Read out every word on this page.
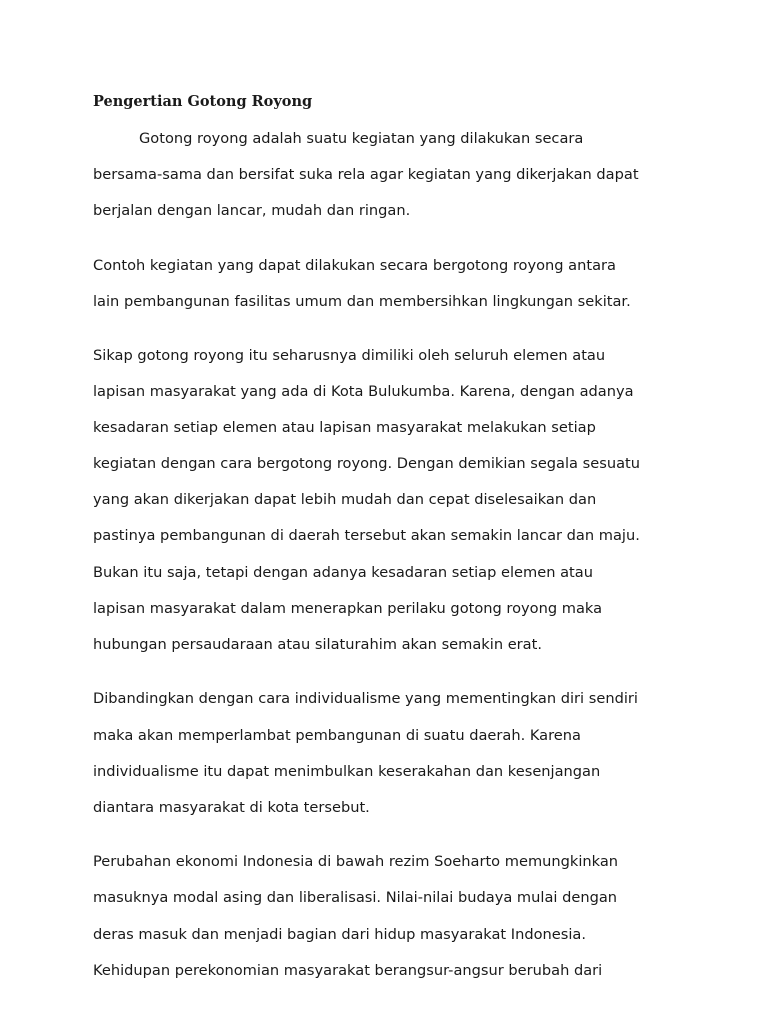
Pengertian Gotong Royong
Gotong royong adalah suatu kegiatan yang dilakukan secara
bersama-sama dan bersifat suka rela agar kegiatan yang dikerjakan dapat
berjalan dengan lancar, mudah dan ringan.
Contoh kegiatan yang dapat dilakukan secara bergotong royong antara
lain pembangunan fasilitas umum dan membersihkan lingkungan sekitar.
Sikap gotong royong itu seharusnya dimiliki oleh seluruh elemen atau
lapisan masyarakat yang ada di Kota Bulukumba. Karena, dengan adanya
kesadaran setiap elemen atau lapisan masyarakat melakukan setiap
kegiatan dengan cara bergotong royong. Dengan demikian segala sesuatu
yang akan dikerjakan dapat lebih mudah dan cepat diselesaikan dan
pastinya pembangunan di daerah tersebut akan semakin lancar dan maju.
Bukan itu saja, tetapi dengan adanya kesadaran setiap elemen atau
lapisan masyarakat dalam menerapkan perilaku gotong royong maka
hubungan persaudaraan atau silaturahim akan semakin erat.
Dibandingkan dengan cara individualisme yang mementingkan diri sendiri
maka akan memperlambat pembangunan di suatu daerah. Karena
individualisme itu dapat menimbulkan keserakahan dan kesenjangan
diantara masyarakat di kota tersebut.
Perubahan ekonomi Indonesia di bawah rezim Soeharto memungkinkan
masuknya modal asing dan liberalisasi. Nilai-nilai budaya mulai dengan
deras masuk dan menjadi bagian dari hidup masyarakat Indonesia.
Kehidupan perekonomian masyarakat berangsur-angsur berubah dari
